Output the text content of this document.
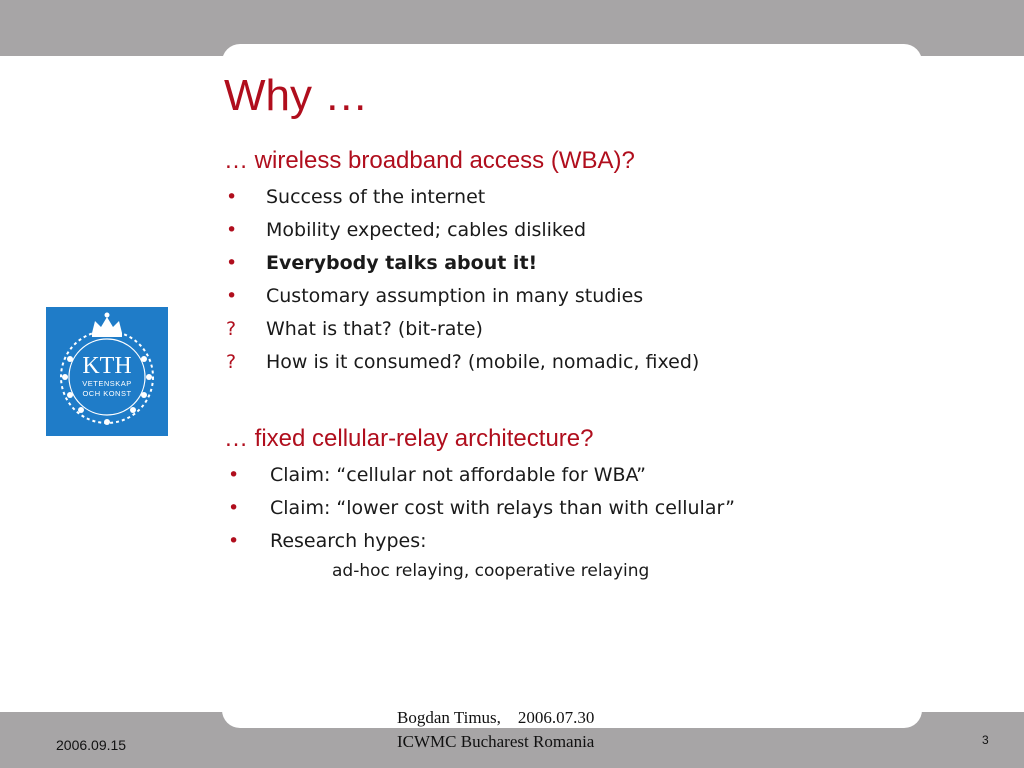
KTH
VETENSKAP
OCH KONST
Why …
… wireless broadband access (WBA)?
• Success of the internet
• Mobility expected; cables disliked
• Everybody talks about it!
• Customary assumption in many studies
? What is that? (bit-rate)
? How is it consumed? (mobile, nomadic, fixed)
… fixed cellular-relay architecture?
• Claim: “cellular not affordable for WBA”
• Claim: “lower cost with relays than with cellular”
• Research hypes:
ad-hoc relaying, cooperative relaying
Bogdan Timus,    2006.07.30
ICWMC Bucharest Romania
2006.09.15	3
